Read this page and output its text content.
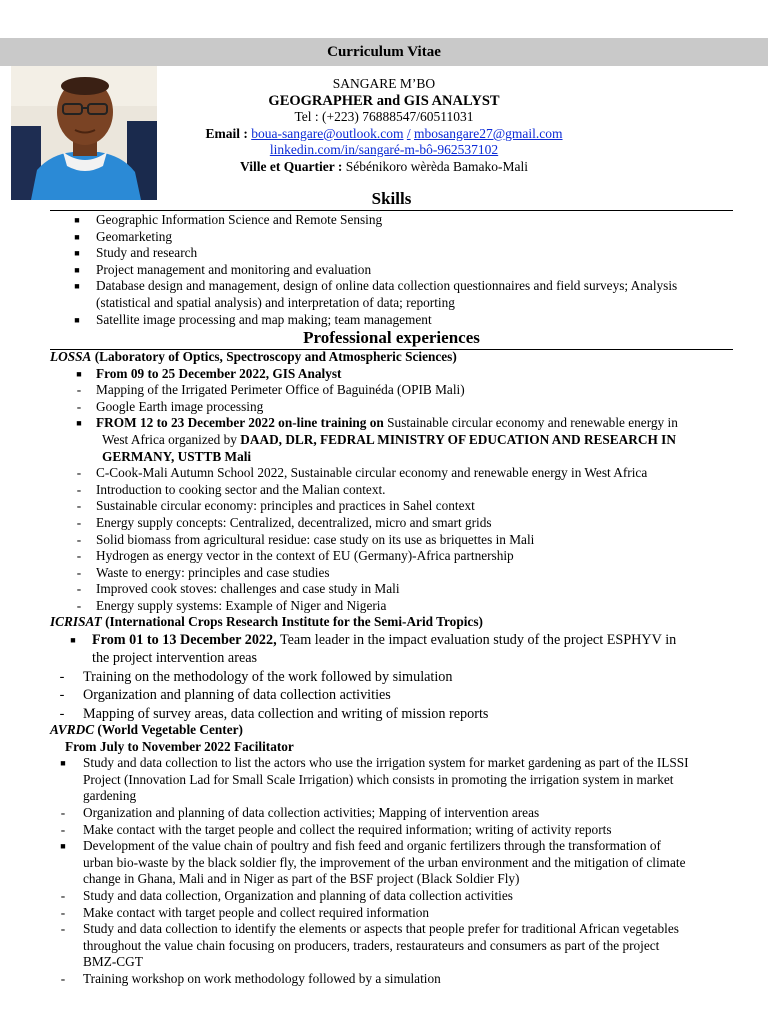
Curriculum Vitae
SANGARE M’BO
GEOGRAPHER and GIS ANALYST
Tel : (+223) 76888547/60511031
Email : boua-sangare@outlook.com / mbosangare27@gmail.com
linkedin.com/in/sangaré-m-bô-962537102
Ville et Quartier : Sébénikoro wèrèda Bamako-Mali
Skills
■	Geographic Information Science and Remote Sensing
■	Geomarketing
■	Study and research
■	Project management and monitoring and evaluation
■	Database design and management, design of online data collection questionnaires and field surveys; Analysis
(statistical and spatial analysis) and interpretation of data; reporting
■	Satellite image processing and map making; team management
Professional experiences
LOSSA (Laboratory of Optics, Spectroscopy and Atmospheric Sciences)
■	From 09 to 25 December 2022, GIS Analyst
-	Mapping of the Irrigated Perimeter Office of Baguinéda (OPIB Mali)
-	Google Earth image processing
■	FROM 12 to 23 December 2022 on-line training on Sustainable circular economy and renewable energy in
West Africa organized by DAAD, DLR, FEDRAL MINISTRY OF EDUCATION AND RESEARCH IN
GERMANY, USTTB Mali
-	C-Cook-Mali Autumn School 2022, Sustainable circular economy and renewable energy in West Africa
-	Introduction to cooking sector and the Malian context.
-	Sustainable circular economy: principles and practices in Sahel context
-	Energy supply concepts: Centralized, decentralized, micro and smart grids
-	Solid biomass from agricultural residue: case study on its use as briquettes in Mali
-	Hydrogen as energy vector in the context of EU (Germany)-Africa partnership
-	Waste to energy: principles and case studies
-	Improved cook stoves: challenges and case study in Mali
-	Energy supply systems: Example of Niger and Nigeria
ICRISAT (International Crops Research Institute for the Semi-Arid Tropics)
■	From 01 to 13 December 2022, Team leader in the impact evaluation study of the project ESPHYV in
the project intervention areas
-	Training on the methodology of the work followed by simulation
-	Organization and planning of data collection activities
-	Mapping of survey areas, data collection and writing of mission reports
AVRDC (World Vegetable Center)
From July to November 2022 Facilitator
■	Study and data collection to list the actors who use the irrigation system for market gardening as part of the ILSSI
Project (Innovation Lad for Small Scale Irrigation) which consists in promoting the irrigation system in market
gardening
-	Organization and planning of data collection activities; Mapping of intervention areas
-	Make contact with the target people and collect the required information; writing of activity reports
■	Development of the value chain of poultry and fish feed and organic fertilizers through the transformation of
urban bio-waste by the black soldier fly, the improvement of the urban environment and the mitigation of climate
change in Ghana, Mali and in Niger as part of the BSF project (Black Soldier Fly)
-	Study and data collection, Organization and planning of data collection activities
-	Make contact with target people and collect required information
-	Study and data collection to identify the elements or aspects that people prefer for traditional African vegetables
throughout the value chain focusing on producers, traders, restaurateurs and consumers as part of the project
BMZ-CGT
-	Training workshop on work methodology followed by a simulation
